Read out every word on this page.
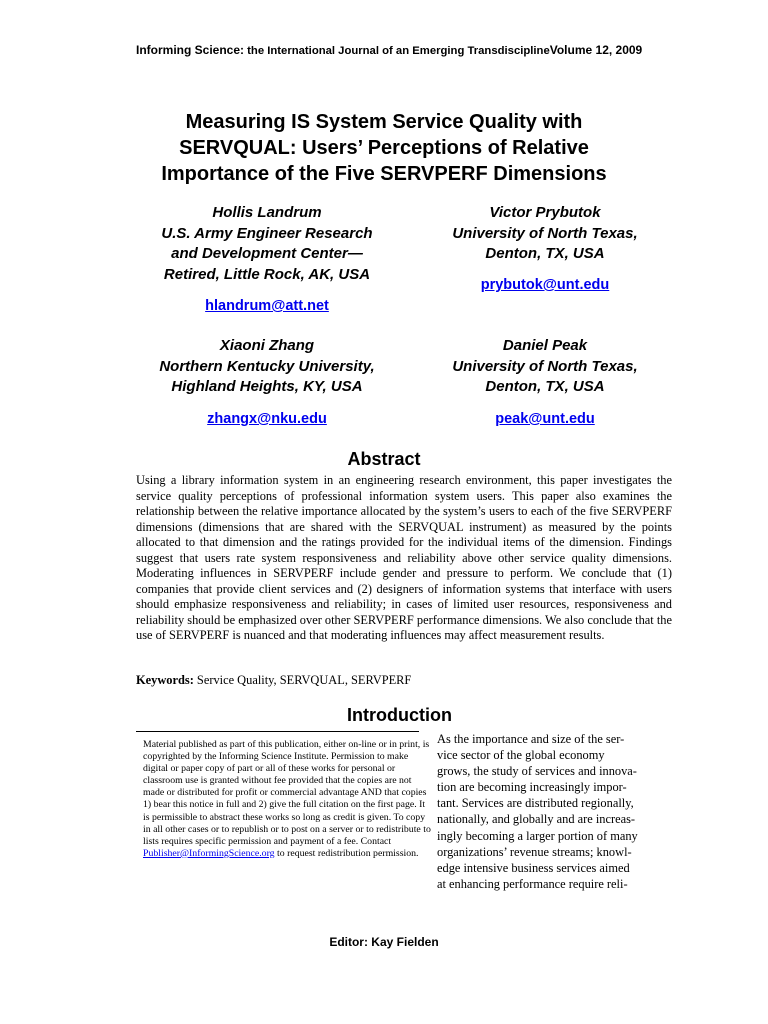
Informing Science: the International Journal of an Emerging Transdiscipline Volume 12, 2009
Measuring IS System Service Quality with
SERVQUAL: Users’ Perceptions of Relative
Importance of the Five SERVPERF Dimensions
Hollis Landrum
U.S. Army Engineer Research
and Development Center—
Retired, Little Rock, AK, USA
hlandrum@att.net
Victor Prybutok
University of North Texas,
Denton, TX, USA
prybutok@unt.edu
Xiaoni Zhang
Northern Kentucky University,
Highland Heights, KY, USA
zhangx@nku.edu
Daniel Peak
University of North Texas,
Denton, TX, USA
peak@unt.edu
Abstract

Using a library information system in an engineering research environment, this paper investigates the service quality perceptions of professional information system users. This paper also examines the relationship between the relative importance allocated by the system’s users to each of the five SERVPERF dimensions (dimensions that are shared with the SERVQUAL instrument) as measured by the points allocated to that dimension and the ratings provided for the individual items of the dimension. Findings suggest that users rate system responsiveness and reliability above other service quality dimensions. Moderating influences in SERVPERF include gender and pressure to perform. We conclude that (1) companies that provide client services and (2) designers of information systems that interface with users should emphasize responsiveness and reliability; in cases of limited user resources, responsiveness and reliability should be emphasized over other SERVPERF performance dimensions. We also conclude that the use of SERVPERF is nuanced and that moderating influences may affect measurement results.

Keywords: Service Quality, SERVQUAL, SERVPERF

Introduction

Material published as part of this publication, either on-line or in print, is copyrighted by the Informing Science Institute. Permission to make digital or paper copy of part or all of these works for personal or classroom use is granted without fee provided that the copies are not made or distributed for profit or commercial advantage AND that copies 1) bear this notice in full and 2) give the full citation on the first page. It is permissible to abstract these works so long as credit is given. To copy in all other cases or to republish or to post on a server or to redistribute to lists requires specific permission and payment of a fee. Contact Publisher@InformingScience.org to request redistribution permission.

As the importance and size of the ser-
vice sector of the global economy
grows, the study of services and innova-
tion are becoming increasingly impor-
tant. Services are distributed regionally,
nationally, and globally and are increas-
ingly becoming a larger portion of many
organizations’ revenue streams; knowl-
edge intensive business services aimed
at enhancing performance require reli-

Editor: Kay Fielden
